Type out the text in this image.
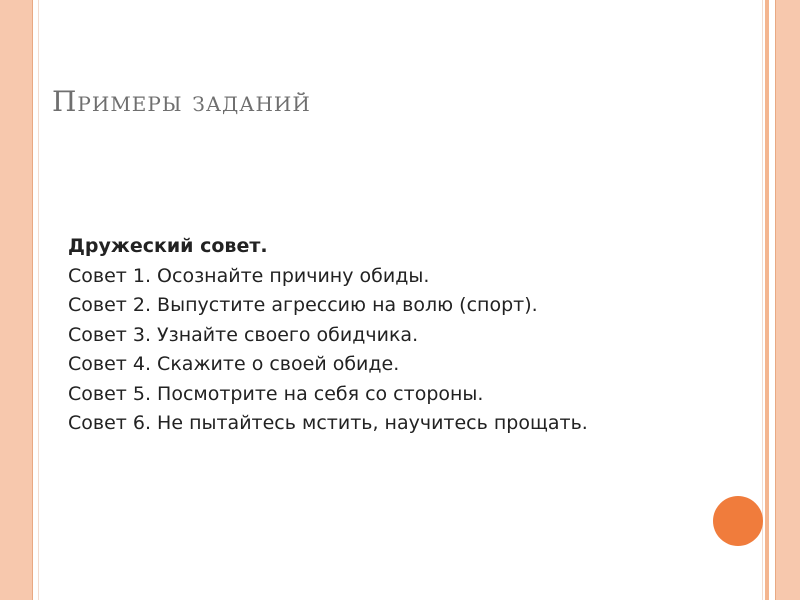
Примеры заданий
Дружеский совет.
Совет 1. Осознайте причину обиды.
Совет 2. Выпустите агрессию на волю (спорт).
Совет 3. Узнайте своего обидчика.
Совет 4. Скажите о своей обиде.
Совет 5. Посмотрите на себя со стороны.
Совет 6. Не пытайтесь мстить, научитесь прощать.
